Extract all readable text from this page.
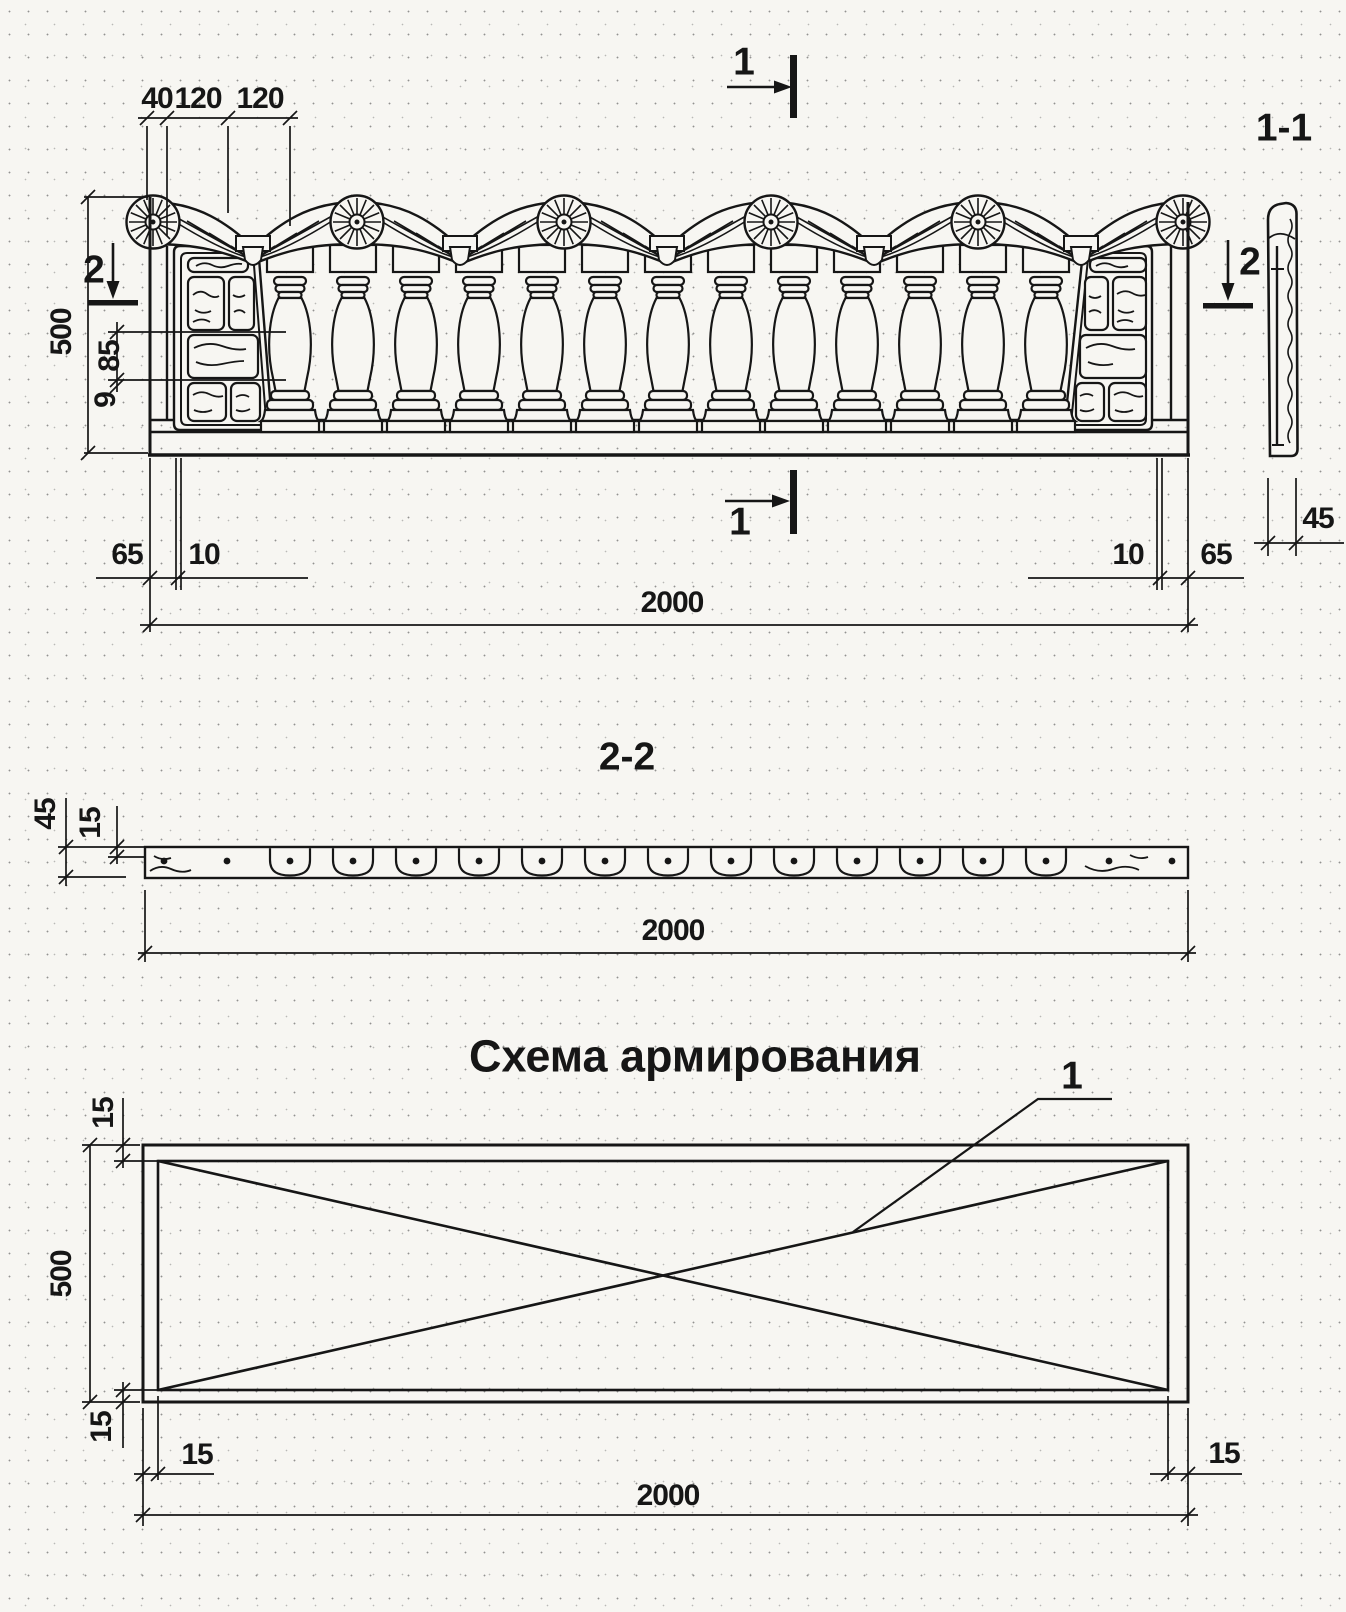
40 120 120
1
1-1
500
2
85
9
2
65 10	10 65
45
2000
1
2-2
45 15
2000
Схема армирования	1
15
500
15
15	15
2000
